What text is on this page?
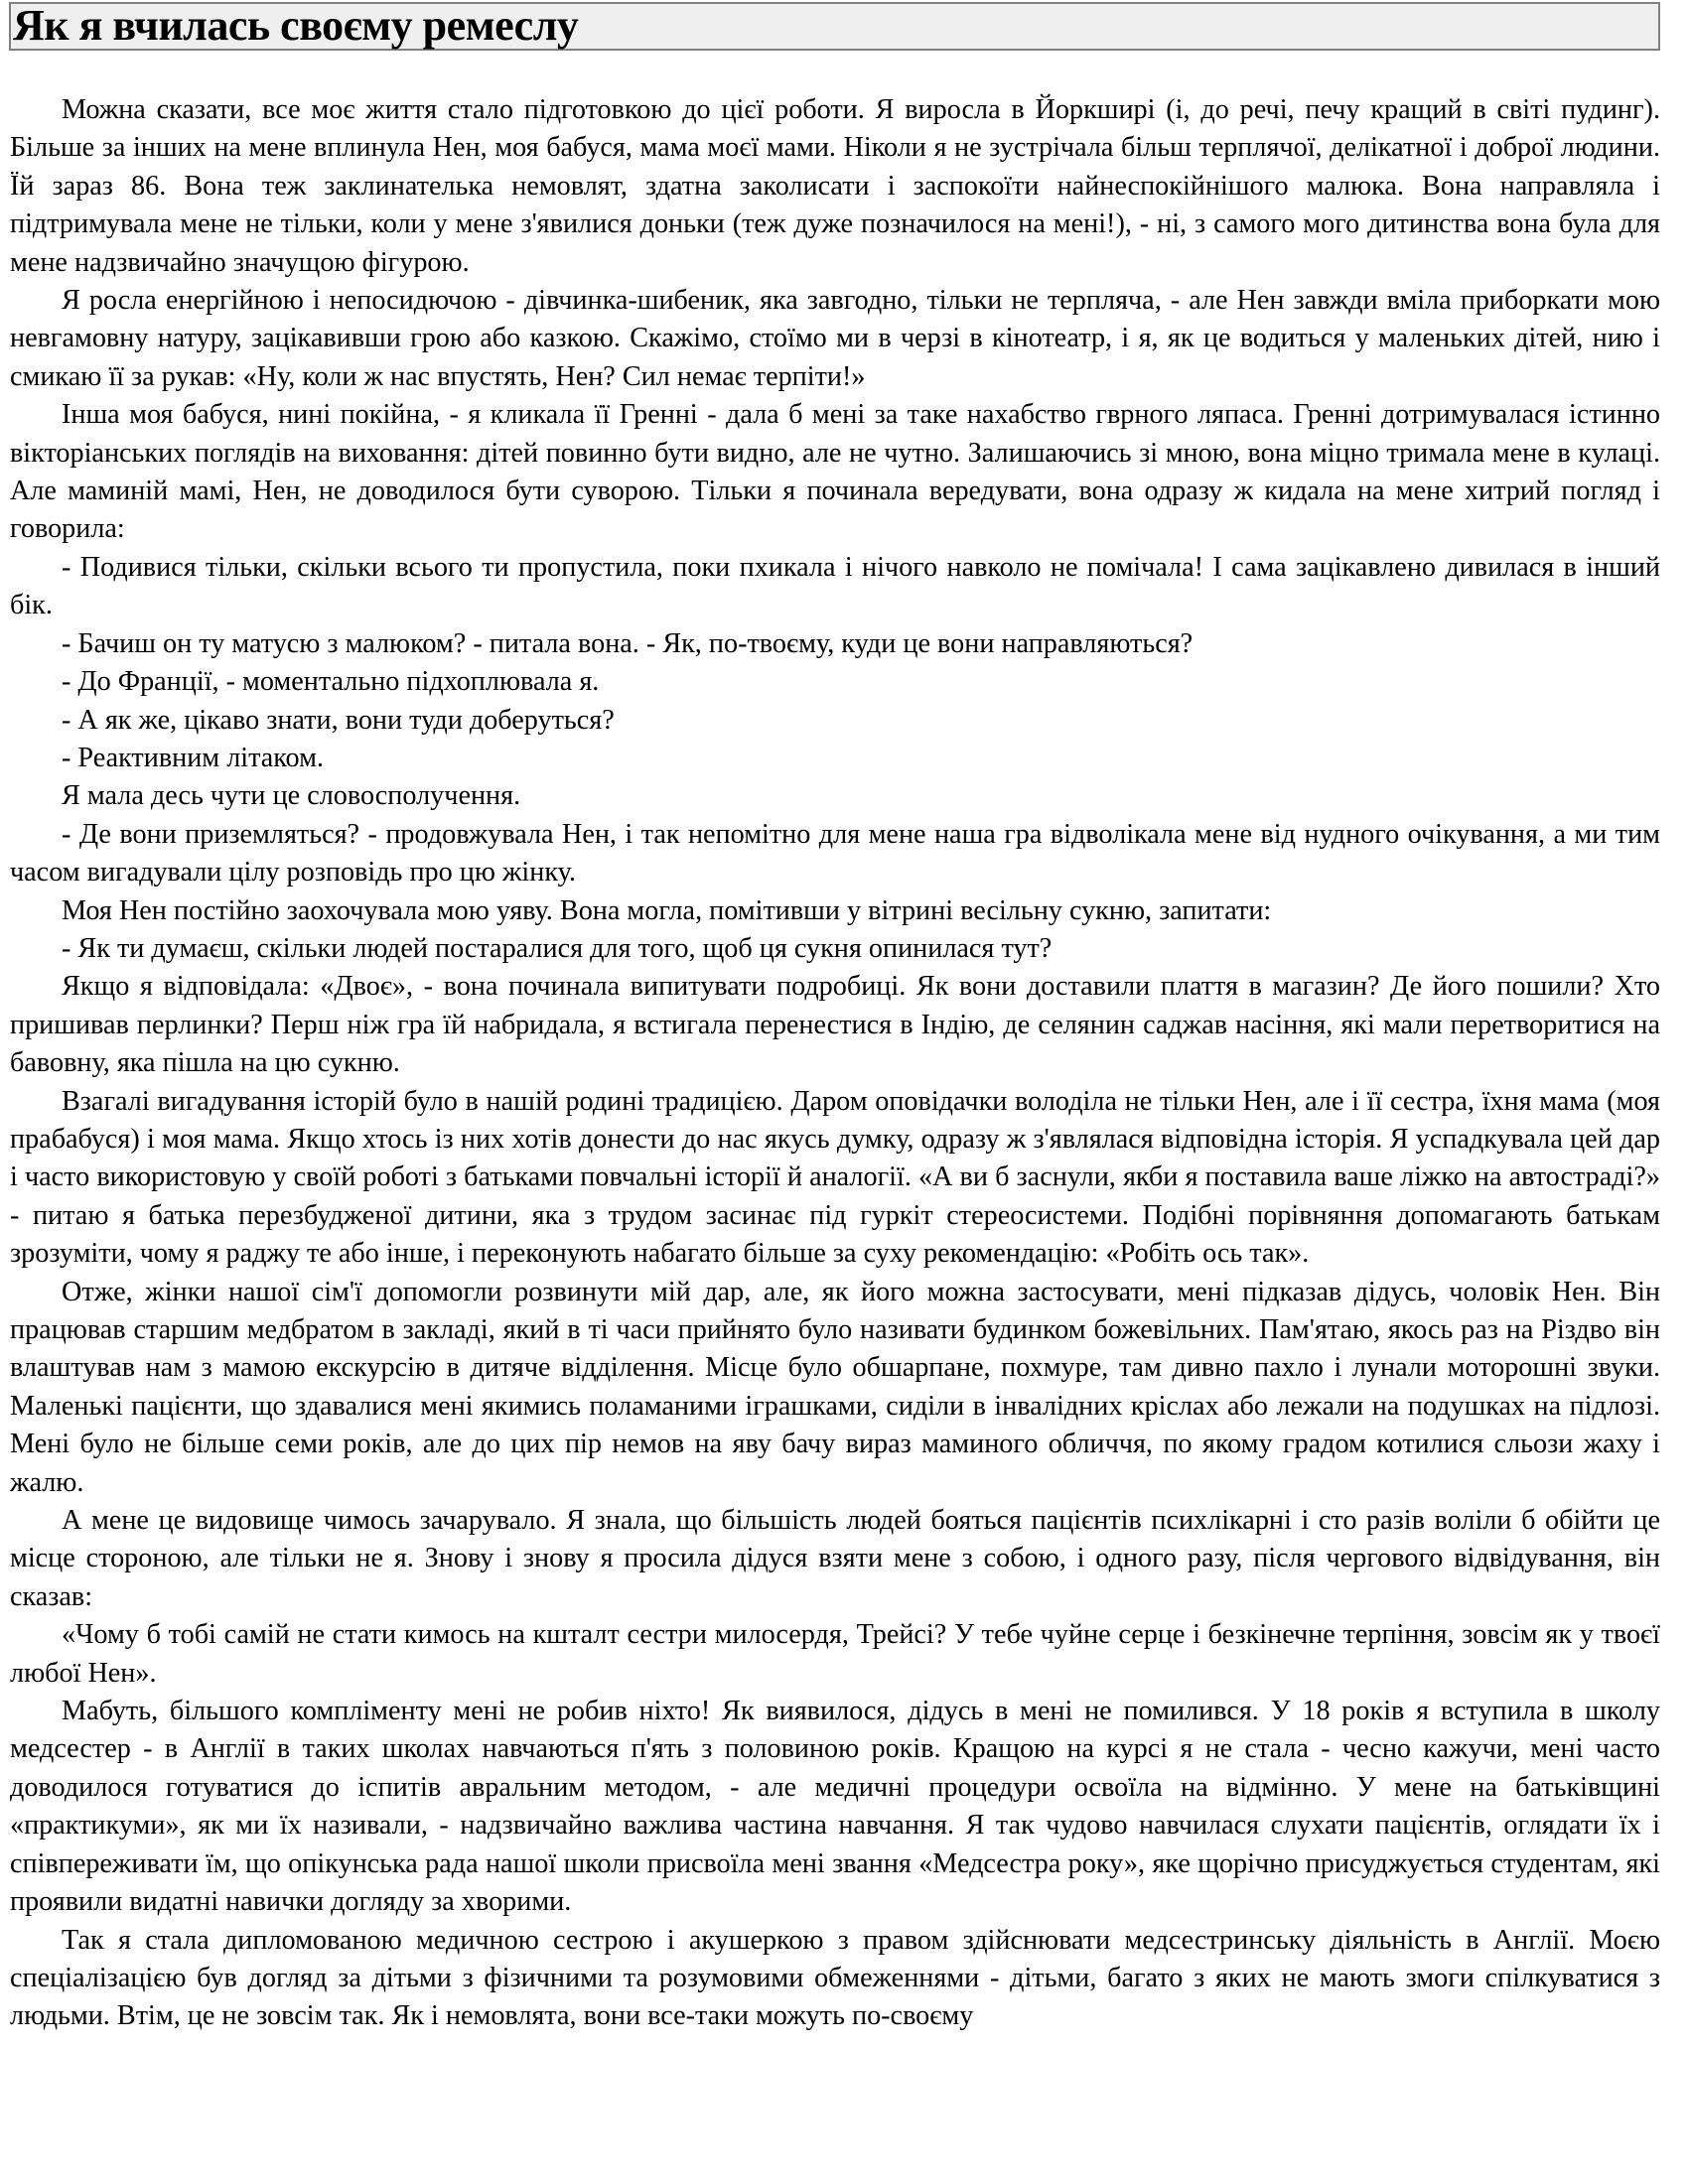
Як я вчилась своєму ремеслу

Можна сказати, все моє життя стало підготовкою до цієї роботи. Я виросла в Йоркширі (і, до речі, печу кращий в світі пудинг). Більше за інших на мене вплинула Нен, моя бабуся, мама моєї мами. Ніколи я не зустрічала більш терплячої, делікатної і доброї людини. Їй зараз 86. Вона теж заклинателька немовлят, здатна заколисати і заспокоїти найнеспокійнішого малюка. Вона направляла і підтримувала мене не тільки, коли у мене з'явилися доньки (теж дуже позначилося на мені!), - ні, з самого мого дитинства вона була для мене надзвичайно значущою фігурою.

Я росла енергійною і непосидючою - дівчинка-шибеник, яка завгодно, тільки не терпляча, - але Нен завжди вміла приборкати мою невгамовну натуру, зацікавивши грою або казкою. Скажімо, стоїмо ми в черзі в кінотеатр, і я, як це водиться у маленьких дітей, нию і смикаю її за рукав: «Ну, коли ж нас впустять, Нен? Сил немає терпіти!»

Інша моя бабуся, нині покійна, - я кликала її Гренні - дала б мені за таке нахабство гврного ляпаса. Гренні дотримувалася істинно вікторіанських поглядів на виховання: дітей повинно бути видно, але не чутно. Залишаючись зі мною, вона міцно тримала мене в кулаці. Але маминій мамі, Нен, не доводилося бути суворою. Тільки я починала вередувати, вона одразу ж кидала на мене хитрий погляд і говорила:

- Подивися тільки, скільки всього ти пропустила, поки пхикала і нічого навколо не помічала! І сама зацікавлено дивилася в інший бік.

- Бачиш он ту матусю з малюком? - питала вона. - Як, по-твоєму, куди це вони направляються?

- До Франції, - моментально підхоплювала я.

- А як же, цікаво знати, вони туди доберуться?

- Реактивним літаком.

Я мала десь чути це словосполучення.

- Де вони приземляться? - продовжувала Нен, і так непомітно для мене наша гра відволікала мене від нудного очікування, а ми тим часом вигадували цілу розповідь про цю жінку.

Моя Нен постійно заохочувала мою уяву. Вона могла, помітивши у вітрині весільну сукню, запитати:

- Як ти думаєш, скільки людей постаралися для того, щоб ця сукня опинилася тут?

Якщо я відповідала: «Двоє», - вона починала випитувати подробиці. Як вони доставили плаття в магазин? Де його пошили? Хто пришивав перлинки? Перш ніж гра їй набридала, я встигала перенестися в Індію, де селянин саджав насіння, які мали перетворитися на бавовну, яка пішла на цю сукню.

Взагалі вигадування історій було в нашій родині традицією. Даром оповідачки володіла не тільки Нен, але і її сестра, їхня мама (моя прабабуся) і моя мама. Якщо хтось із них хотів донести до нас якусь думку, одразу ж з'являлася відповідна історія. Я успадкувала цей дар і часто використовую у своїй роботі з батьками повчальні історії й аналогії. «А ви б заснули, якби я поставила ваше ліжко на автостраді?» - питаю я батька перезбудженої дитини, яка з трудом засинає під гуркіт стереосистеми. Подібні порівняння допомагають батькам зрозуміти, чому я раджу те або інше, і переконують набагато більше за суху рекомендацію: «Робіть ось так».

Отже, жінки нашої сім'ї допомогли розвинути мій дар, але, як його можна застосувати, мені підказав дідусь, чоловік Нен. Він працював старшим медбратом в закладі, який в ті часи прийнято було називати будинком божевільних. Пам'ятаю, якось раз на Різдво він влаштував нам з мамою екскурсію в дитяче відділення. Місце було обшарпане, похмуре, там дивно пахло і лунали моторошні звуки. Маленькі пацієнти, що здавалися мені якимись поламаними іграшками, сиділи в інвалідних кріслах або лежали на подушках на підлозі. Мені було не більше семи років, але до цих пір немов на яву бачу вираз маминого обличчя, по якому градом котилися сльози жаху і жалю.

А мене це видовище чимось зачарувало. Я знала, що більшість людей бояться пацієнтів психлікарні і сто разів воліли б обійти це місце стороною, але тільки не я. Знову і знову я просила дідуся взяти мене з собою, і одного разу, після чергового відвідування, він сказав:

«Чому б тобі самій не стати кимось на кшталт сестри милосердя, Трейсі? У тебе чуйне серце і безкінечне терпіння, зовсім як у твоєї любої Нен».

Мабуть, більшого компліменту мені не робив ніхто! Як виявилося, дідусь в мені не помилився. У 18 років я вступила в школу медсестер - в Англії в таких школах навчаються п'ять з половиною років. Кращою на курсі я не стала - чесно кажучи, мені часто доводилося готуватися до іспитів авральним методом, - але медичні процедури освоїла на відмінно. У мене на батьківщині «практикуми», як ми їх називали, - надзвичайно важлива частина навчання. Я так чудово навчилася слухати пацієнтів, оглядати їх і співпереживати їм, що опікунська рада нашої школи присвоїла мені звання «Медсестра року», яке щорічно присуджується студентам, які проявили видатні навички догляду за хворими.

Так я стала дипломованою медичною сестрою і акушеркою з правом здійснювати медсестринську діяльність в Англії. Моєю спеціалізацією був догляд за дітьми з фізичними та розумовими обмеженнями - дітьми, багато з яких не мають змоги спілкуватися з людьми. Втім, це не зовсім так. Як і немовлята, вони все-таки можуть по-своєму
